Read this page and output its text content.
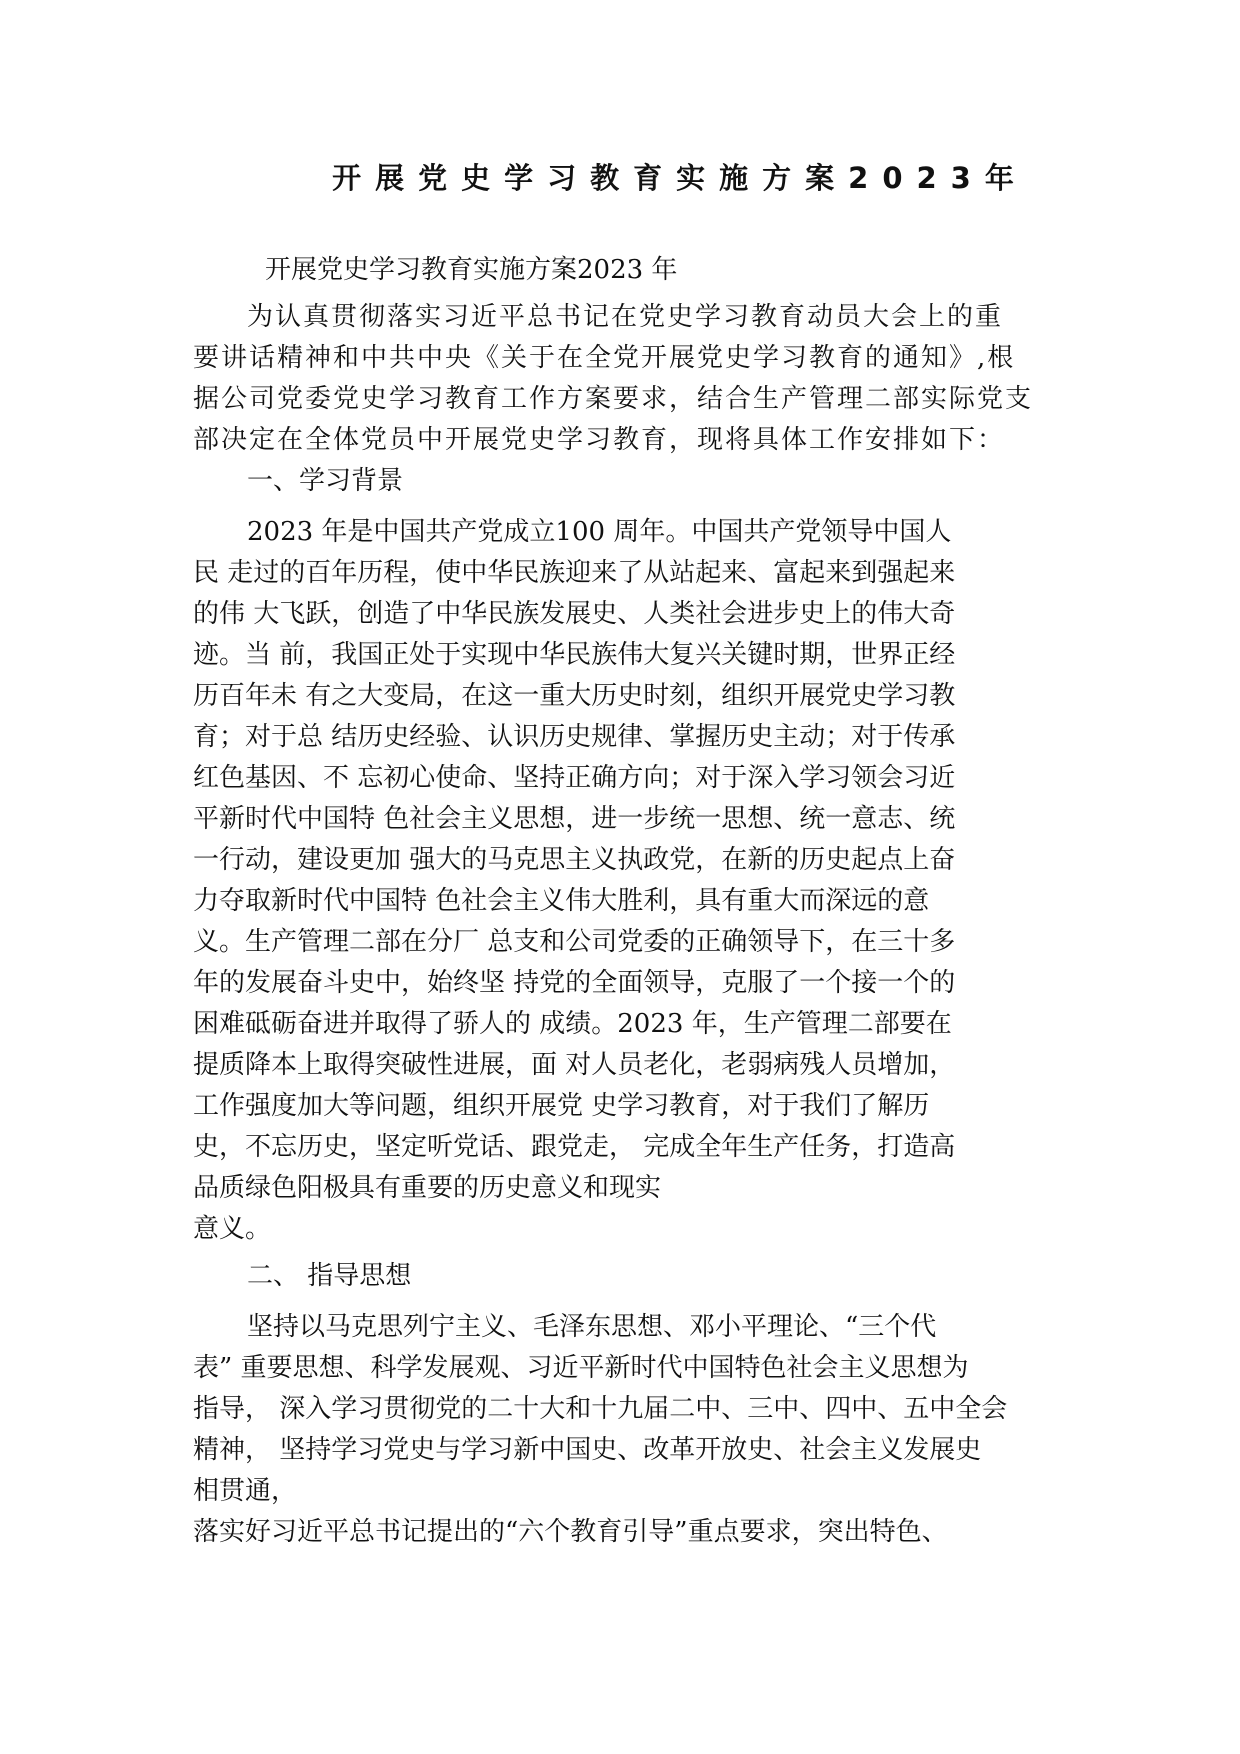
开展党史学习教育实施方案2023年
开展党史学习教育实施方案2023 年
为认真贯彻落实习近平总书记在党史学习教育动员大会上的重
要讲话精神和中共中央《关于在全党开展党史学习教育的通知》,根
据公司党委党史学习教育工作方案要求，结合生产管理二部实际党支
部决定在全体党员中开展党史学习教育，现将具体工作安排如下：
一、学习背景
2023 年是中国共产党成立100 周年。中国共产党领导中国人
民 走过的百年历程，使中华民族迎来了从站起来、富起来到强起来
的伟 大飞跃，创造了中华民族发展史、人类社会进步史上的伟大奇
迹。当 前，我国正处于实现中华民族伟大复兴关键时期，世界正经
历百年未 有之大变局，在这一重大历史时刻，组织开展党史学习教
育；对于总 结历史经验、认识历史规律、掌握历史主动；对于传承
红色基因、不 忘初心使命、坚持正确方向；对于深入学习领会习近
平新时代中国特 色社会主义思想，进一步统一思想、统一意志、统
一行动，建设更加 强大的马克思主义执政党，在新的历史起点上奋
力夺取新时代中国特 色社会主义伟大胜利，具有重大而深远的意
义。生产管理二部在分厂 总支和公司党委的正确领导下，在三十多
年的发展奋斗史中，始终坚 持党的全面领导，克服了一个接一个的
困难砥砺奋进并取得了骄人的 成绩。2023 年，生产管理二部要在
提质降本上取得突破性进展，面 对人员老化，老弱病残人员增加，
工作强度加大等问题，组织开展党 史学习教育，对于我们了解历
史，不忘历史，坚定听党话、跟党走， 完成全年生产任务，打造高
品质绿色阳极具有重要的历史意义和现实
意义。
二、 指导思想
坚持以马克思列宁主义、毛泽东思想、邓小平理论、“三个代
表” 重要思想、科学发展观、习近平新时代中国特色社会主义思想为
指导， 深入学习贯彻党的二十大和十九届二中、三中、四中、五中全会
精神， 坚持学习党史与学习新中国史、改革开放史、社会主义发展史
相贯通，
落实好习近平总书记提出的“六个教育引导”重点要求，突出特色、
